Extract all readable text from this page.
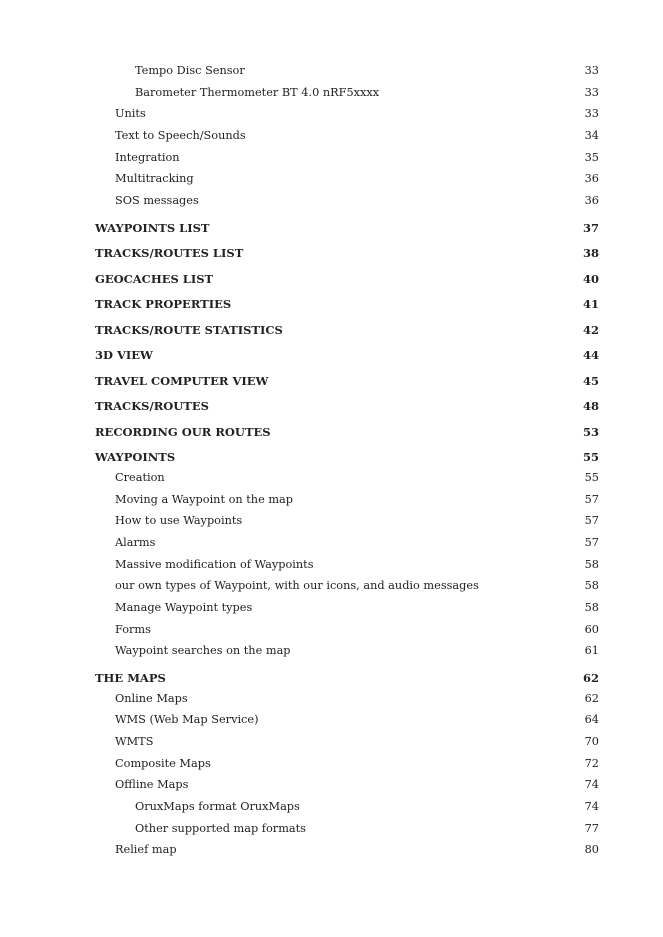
Tempo Disc Sensor	33
Barometer Thermometer BT 4.0 nRF5xxxx	33
Units	33
Text to Speech/Sounds	34
Integration	35
Multitracking	36
SOS messages	36
WAYPOINTS LIST	37
TRACKS/ROUTES LIST	38
GEOCACHES LIST	40
TRACK PROPERTIES	41
TRACKS/ROUTE STATISTICS	42
3D VIEW	44
TRAVEL COMPUTER VIEW	45
TRACKS/ROUTES	48
RECORDING OUR ROUTES	53
WAYPOINTS	55
Creation	55
Moving a Waypoint on the map	57
How to use Waypoints	57
Alarms	57
Massive modification of Waypoints	58
our own types of Waypoint, with our icons, and audio messages	58
Manage Waypoint types	58
Forms	60
Waypoint searches on the map	61
THE MAPS	62
Online Maps	62
WMS (Web Map Service)	64
WMTS	70
Composite Maps	72
Offline Maps	74
OruxMaps format OruxMaps	74
Other supported map formats	77
Relief map	80
